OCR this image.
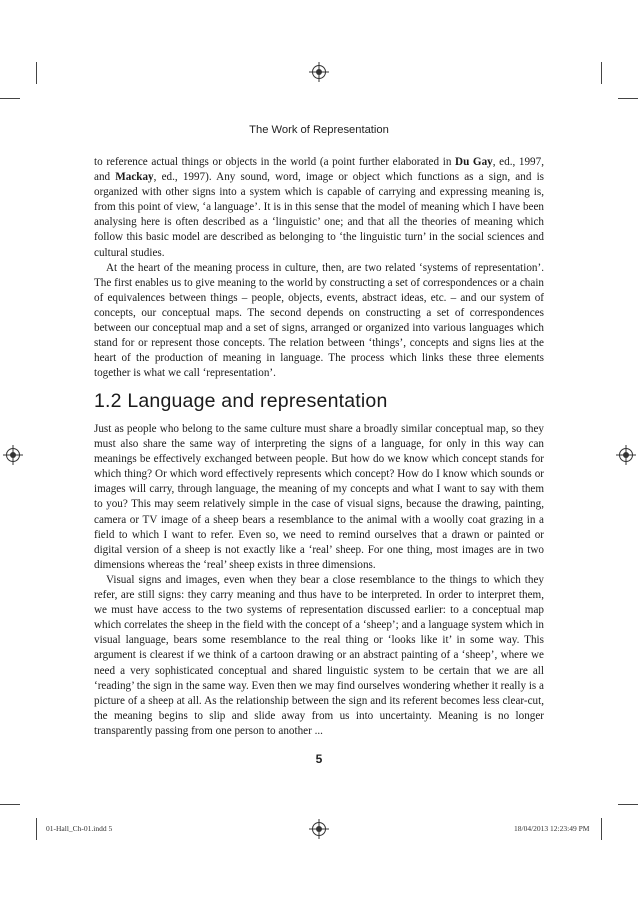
The Work of Representation

to reference actual things or objects in the world (a point further elaborated in Du Gay, ed., 1997, and Mackay, ed., 1997). Any sound, word, image or object which functions as a sign, and is organized with other signs into a system which is capable of carrying and expressing meaning is, from this point of view, ‘a language’. It is in this sense that the model of meaning which I have been analysing here is often described as a ‘linguistic’ one; and that all the theories of meaning which follow this basic model are described as belonging to ‘the linguistic turn’ in the social sciences and cultural studies.

At the heart of the meaning process in culture, then, are two related ‘systems of representation’. The first enables us to give meaning to the world by constructing a set of correspondences or a chain of equivalences between things – people, objects, events, abstract ideas, etc. – and our system of concepts, our conceptual maps. The second depends on constructing a set of correspondences between our conceptual map and a set of signs, arranged or organized into various languages which stand for or represent those concepts. The relation between ‘things’, concepts and signs lies at the heart of the production of meaning in language. The process which links these three elements together is what we call ‘representation’.

1.2 Language and representation

Just as people who belong to the same culture must share a broadly similar conceptual map, so they must also share the same way of interpreting the signs of a language, for only in this way can meanings be effectively exchanged between people. But how do we know which concept stands for which thing? Or which word effectively represents which concept? How do I know which sounds or images will carry, through language, the meaning of my concepts and what I want to say with them to you? This may seem relatively simple in the case of visual signs, because the drawing, painting, camera or TV image of a sheep bears a resemblance to the animal with a woolly coat grazing in a field to which I want to refer. Even so, we need to remind ourselves that a drawn or painted or digital version of a sheep is not exactly like a ‘real’ sheep. For one thing, most images are in two dimensions whereas the ‘real’ sheep exists in three dimensions.

Visual signs and images, even when they bear a close resemblance to the things to which they refer, are still signs: they carry meaning and thus have to be interpreted. In order to interpret them, we must have access to the two systems of representation discussed earlier: to a conceptual map which correlates the sheep in the field with the concept of a ‘sheep’; and a language system which in visual language, bears some resemblance to the real thing or ‘looks like it’ in some way. This argument is clearest if we think of a cartoon drawing or an abstract painting of a ‘sheep’, where we need a very sophisticated conceptual and shared linguistic system to be certain that we are all ‘reading’ the sign in the same way. Even then we may find ourselves wondering whether it really is a picture of a sheep at all. As the relationship between the sign and its referent becomes less clear-cut, the meaning begins to slip and slide away from us into uncertainty. Meaning is no longer transparently passing from one person to another ...

5
01-Hall_Ch-01.indd 5	18/04/2013 12:23:49 PM
